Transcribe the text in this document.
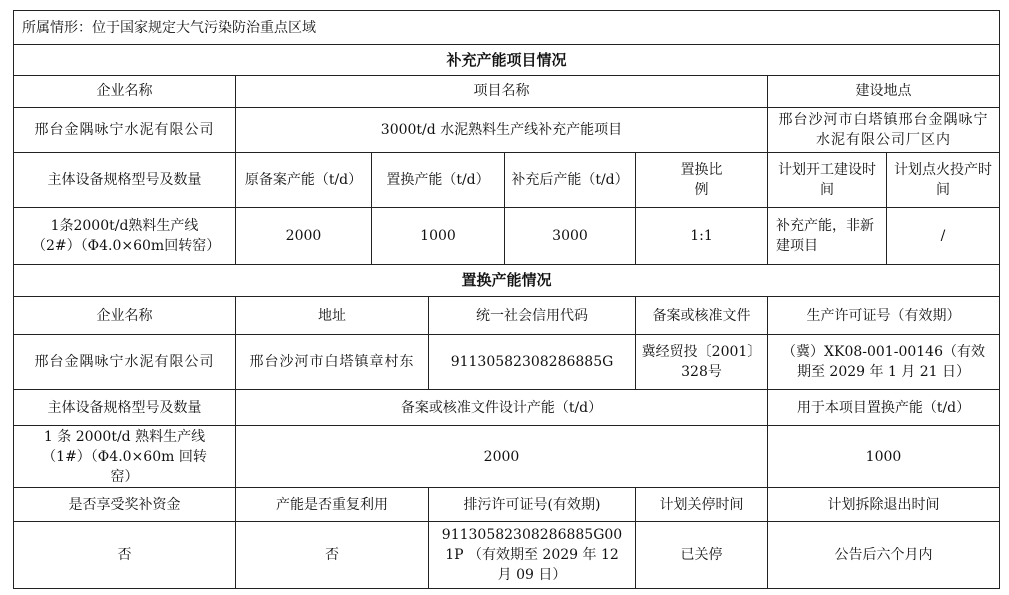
所属情形：位于国家规定大气污染防治重点区域							
补充产能项目情况							
企业名称	项目名称					建设地点	
邢台金隅咏宁水泥有限公司	3000t/d 水泥熟料生产线补充产能项目					邢台沙河市白塔镇邢台金隅咏宁水泥有限公司厂区内	
主体设备规格型号及数量	原备案产能（t/d）	置换产能（t/d）		补充后产能（t/d）	置换比例	计划开工建设时间	计划点火投产时间
1条2000t/d熟料生产线（2#）（Φ4.0×60m回转窑）	2000	1000		3000	1:1	补充产能，非新建项目	/
置换产能情况							
企业名称	地址		统一社会信用代码		备案或核准文件	生产许可证号（有效期）	
邢台金隅咏宁水泥有限公司	邢台沙河市白塔镇章村东		91130582308286885G		冀经贸投〔2001〕328号	（冀）XK08-001-00146（有效期至 2029 年 1 月 21 日）	
主体设备规格型号及数量	备案或核准文件设计产能（t/d）					用于本项目置换产能（t/d）	
1 条 2000t/d 熟料生产线（1#）（Φ4.0×60m 回转窑）	2000					1000	
是否享受奖补资金	产能是否重复利用		排污许可证号(有效期)		计划关停时间	计划拆除退出时间	
否	否		91130582308286885G001P （有效期至 2029 年 12 月 09 日）		已关停	公告后六个月内	
